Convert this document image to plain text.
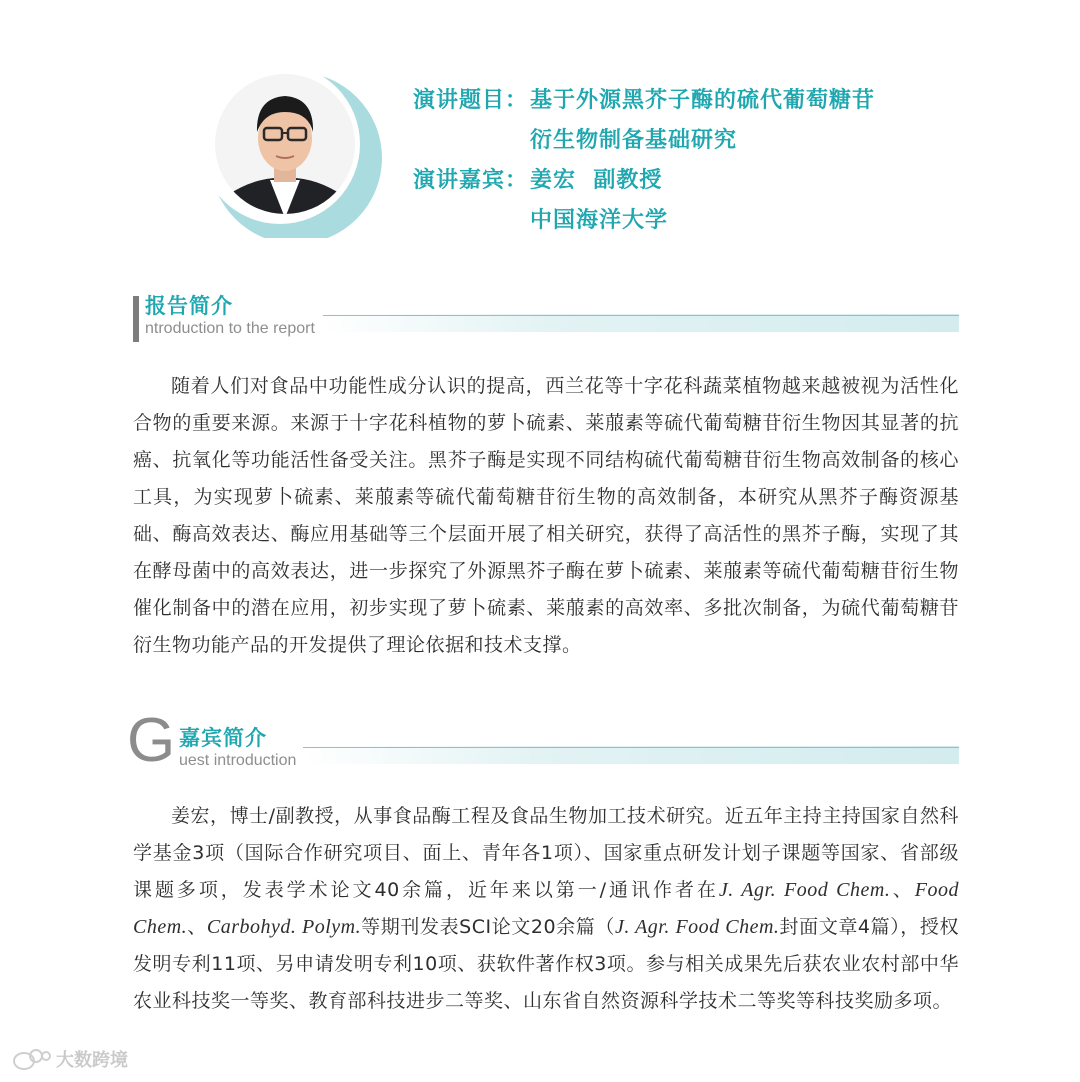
演讲题目： 基于外源黑芥子酶的硫代葡萄糖苷
衍生物制备基础研究
演讲嘉宾： 姜宏  副教授
中国海洋大学
报告简介
ntroduction to the report
随着人们对食品中功能性成分认识的提高，西兰花等十字花科蔬菜植物越来越被视为活性化合物的重要来源。来源于十字花科植物的萝卜硫素、莱菔素等硫代葡萄糖苷衍生物因其显著的抗癌、抗氧化等功能活性备受关注。黑芥子酶是实现不同结构硫代葡萄糖苷衍生物高效制备的核心工具，为实现萝卜硫素、莱菔素等硫代葡萄糖苷衍生物的高效制备，本研究从黑芥子酶资源基础、酶高效表达、酶应用基础等三个层面开展了相关研究，获得了高活性的黑芥子酶，实现了其在酵母菌中的高效表达，进一步探究了外源黑芥子酶在萝卜硫素、莱菔素等硫代葡萄糖苷衍生物催化制备中的潜在应用，初步实现了萝卜硫素、莱菔素的高效率、多批次制备，为硫代葡萄糖苷衍生物功能产品的开发提供了理论依据和技术支撑。
G 嘉宾简介
uest introduction
姜宏，博士/副教授，从事食品酶工程及食品生物加工技术研究。近五年主持主持国家自然科学基金3项（国际合作研究项目、面上、青年各1项）、国家重点研发计划子课题等国家、省部级课题多项，发表学术论文40余篇，近年来以第一/通讯作者在J. Agr. Food Chem.、Food Chem.、Carbohyd. Polym.等期刊发表SCI论文20余篇（J. Agr. Food Chem.封面文章4篇），授权发明专利11项、另申请发明专利10项、获软件著作权3项。参与相关成果先后获农业农村部中华农业科技奖一等奖、教育部科技进步二等奖、山东省自然资源科学技术二等奖等科技奖励多项。
大数跨境
